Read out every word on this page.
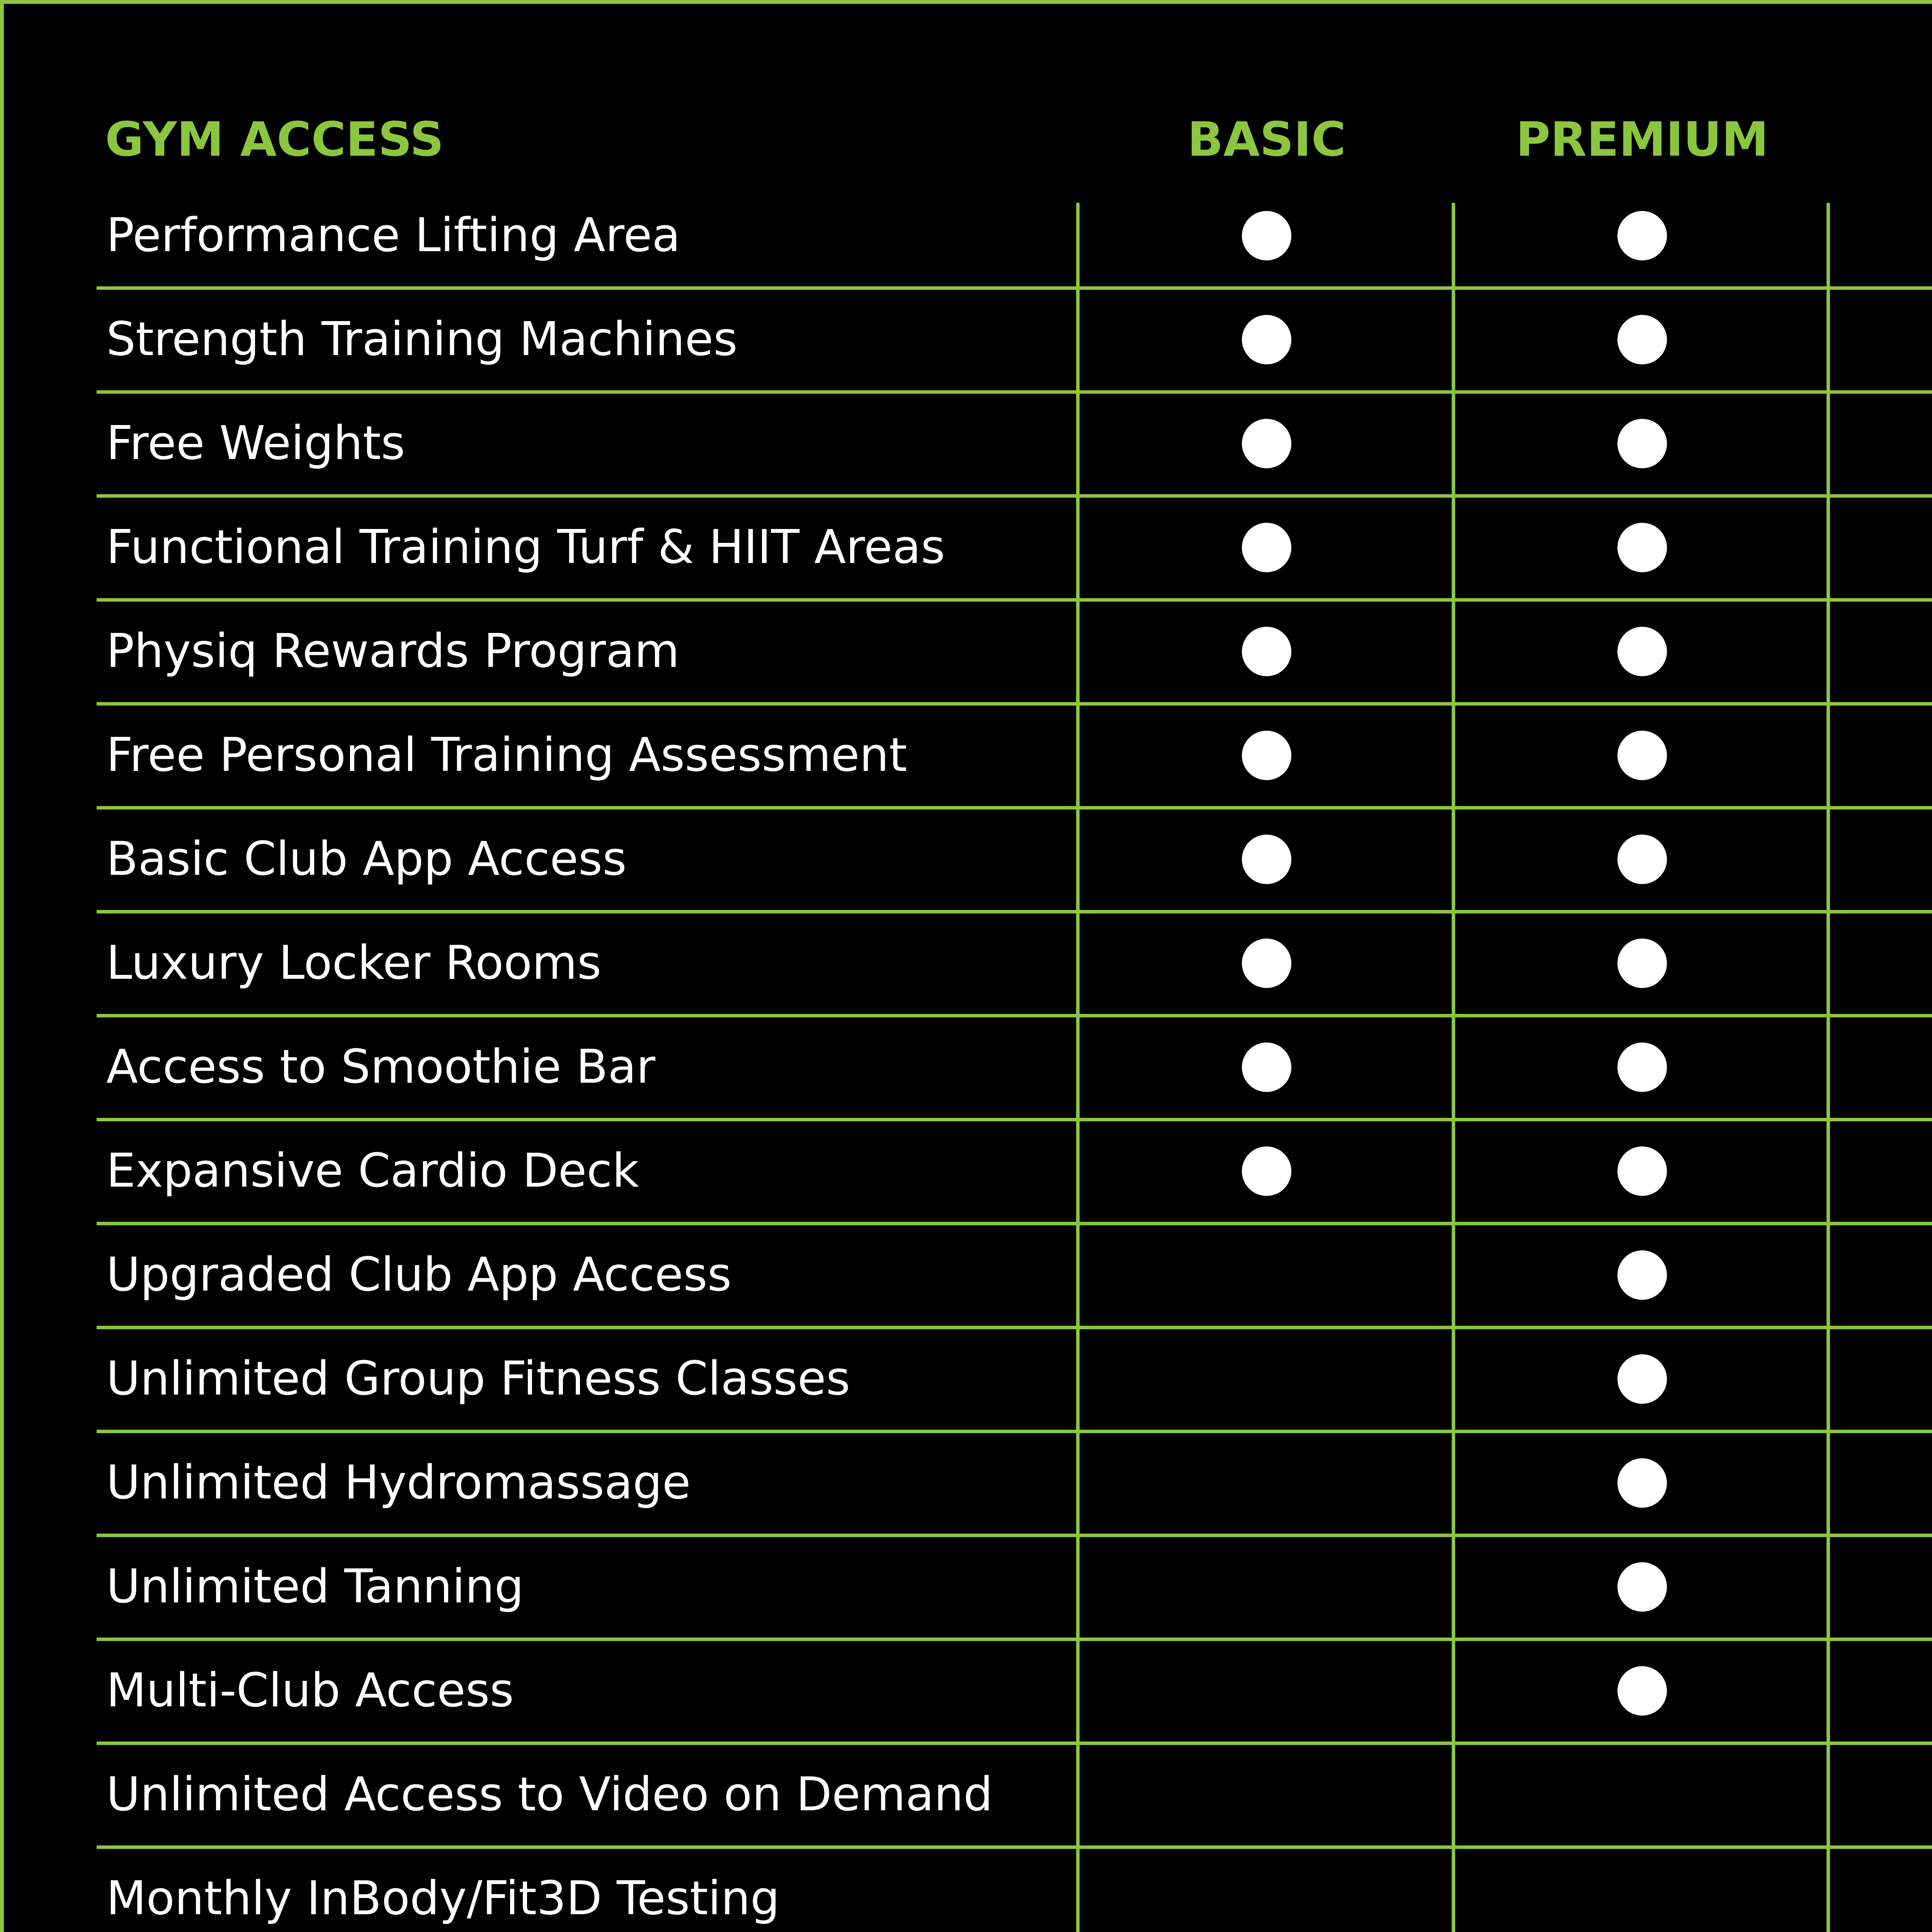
GYM ACCESS	BASIC	PREMIUM
Performance Lifting Area
Strength Training Machines
Free Weights
Functional Training Turf & HIIT Areas
Physiq Rewards Program
Free Personal Training Assessment
Basic Club App Access
Luxury Locker Rooms
Access to Smoothie Bar
Expansive Cardio Deck
Upgraded Club App Access
Unlimited Group Fitness Classes
Unlimited Hydromassage
Unlimited Tanning
Multi-Club Access
Unlimited Access to Video on Demand
Monthly InBody/Fit3D Testing
